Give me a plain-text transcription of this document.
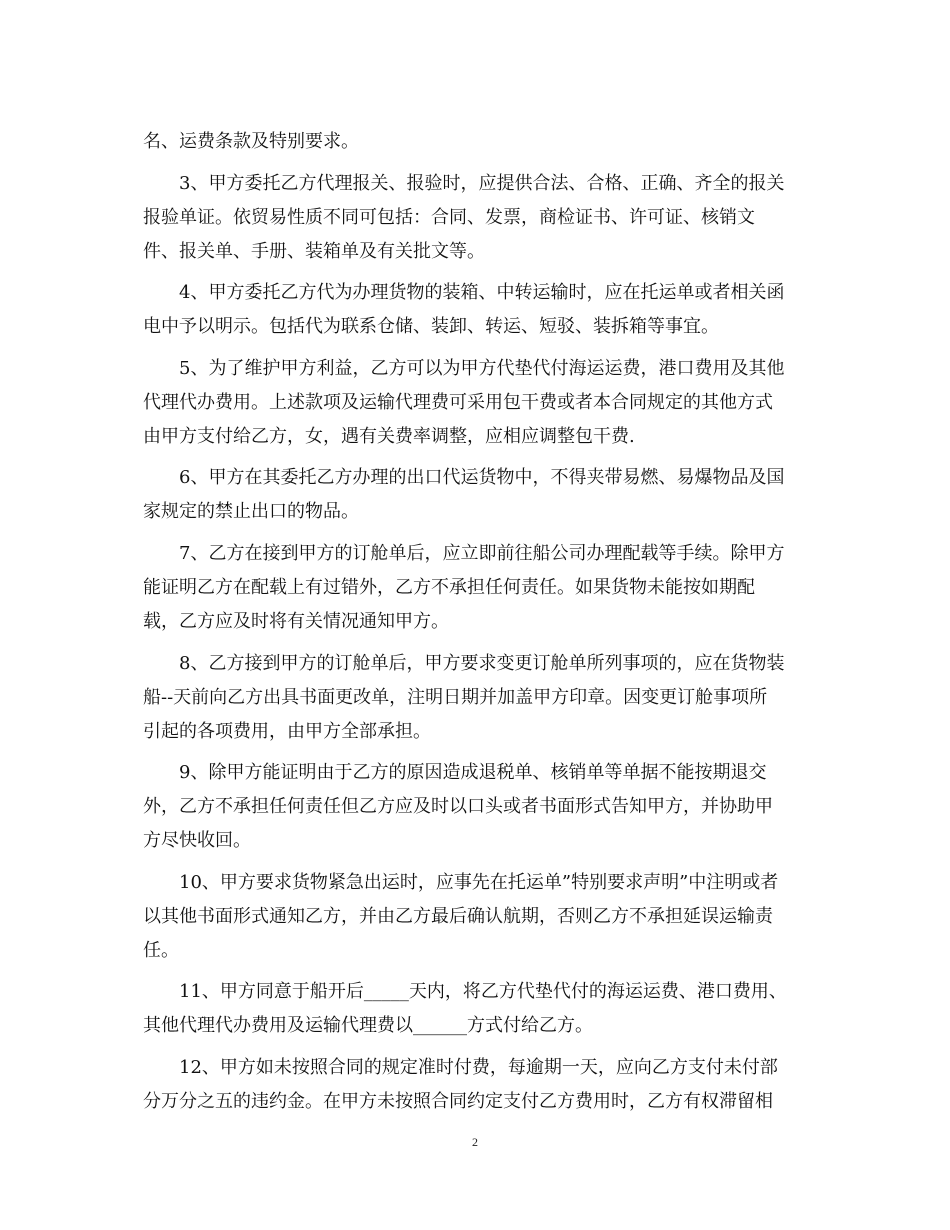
名、运费条款及特别要求。
3、甲方委托乙方代理报关、报验时，应提供合法、合格、正确、齐全的报关
报验单证。依贸易性质不同可包括：合同、发票，商检证书、许可证、核销文
件、报关单、手册、装箱单及有关批文等。
4、甲方委托乙方代为办理货物的装箱、中转运输时，应在托运单或者相关函
电中予以明示。包括代为联系仓储、装卸、转运、短驳、装拆箱等事宜。
5、为了维护甲方利益，乙方可以为甲方代垫代付海运运费，港口费用及其他
代理代办费用。上述款项及运输代理费可采用包干费或者本合同规定的其他方式
由甲方支付给乙方，女，遇有关费率调整，应相应调整包干费.
6、甲方在其委托乙方办理的出口代运货物中，不得夹带易燃、易爆物品及国
家规定的禁止出口的物品。
7、乙方在接到甲方的订舱单后，应立即前往船公司办理配载等手续。除甲方
能证明乙方在配载上有过错外，乙方不承担任何责任。如果货物未能按如期配
载，乙方应及时将有关情况通知甲方。
8、乙方接到甲方的订舱单后，甲方要求变更订舱单所列事项的，应在货物装
船--天前向乙方出具书面更改单，注明日期并加盖甲方印章。因变更订舱事项所
引起的各项费用，由甲方全部承担。
9、除甲方能证明由于乙方的原因造成退税单、核销单等单据不能按期退交
外，乙方不承担任何责任但乙方应及时以口头或者书面形式告知甲方，并协助甲
方尽快收回。
10、甲方要求货物紧急出运时，应事先在托运单”特别要求声明”中注明或者
以其他书面形式通知乙方，并由乙方最后确认航期，否则乙方不承担延误运输责
任。
11、甲方同意于船开后_____天内，将乙方代垫代付的海运运费、港口费用、
其他代理代办费用及运输代理费以______方式付给乙方。
12、甲方如未按照合同的规定准时付费，每逾期一天，应向乙方支付未付部
分万分之五的违约金。在甲方未按照合同约定支付乙方费用时，乙方有权滞留相
2
